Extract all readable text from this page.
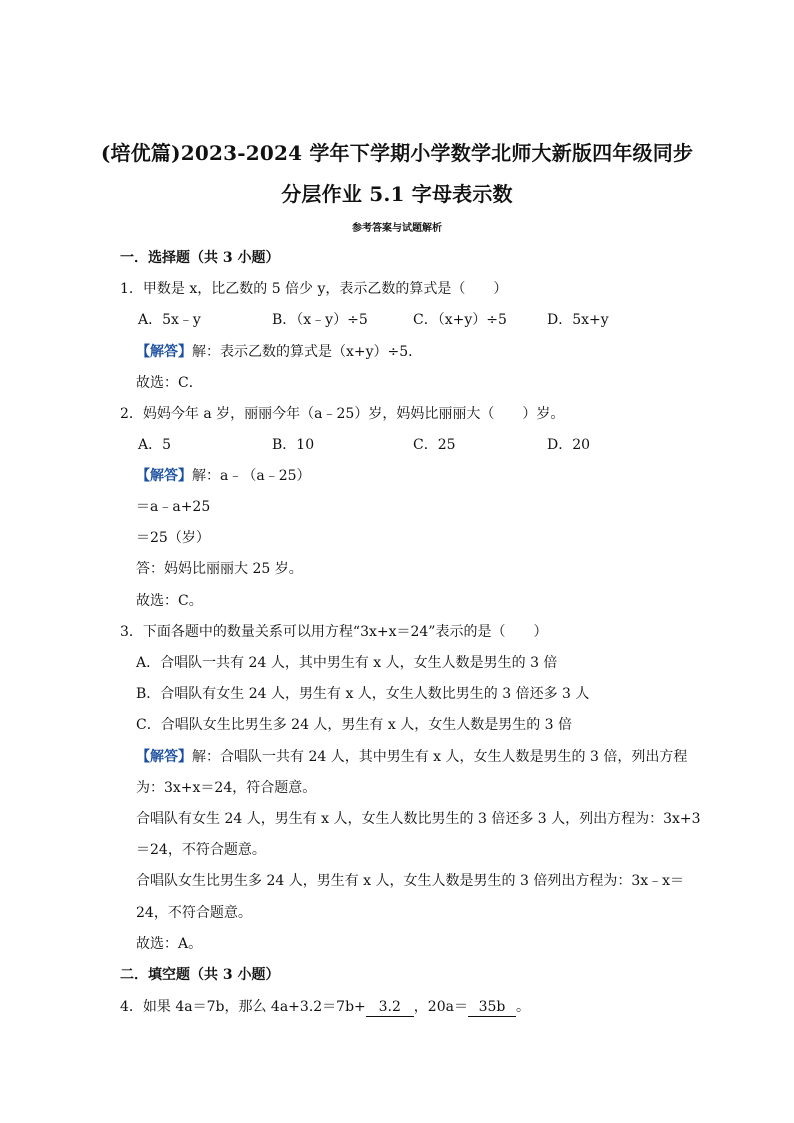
(培优篇)2023-2024 学年下学期小学数学北师大新版四年级同步
分层作业 5.1 字母表示数
参考答案与试题解析
一．选择题（共 3 小题）
1．甲数是 x，比乙数的 5 倍少 y，表示乙数的算式是（　　）
A．5x﹣y	B．（x﹣y）÷5	C．（x+y）÷5	D．5x+y
【解答】解：表示乙数的算式是（x+y）÷5．
故选：C．
2．妈妈今年 a 岁，丽丽今年（a﹣25）岁，妈妈比丽丽大（　　）岁。
A．5	B．10	C．25	D．20
【解答】解：a﹣（a﹣25）
＝a﹣a+25
＝25（岁）
答：妈妈比丽丽大 25 岁。
故选：C。
3．下面各题中的数量关系可以用方程“3x+x＝24”表示的是（　　）
A．合唱队一共有 24 人，其中男生有 x 人，女生人数是男生的 3 倍
B．合唱队有女生 24 人，男生有 x 人，女生人数比男生的 3 倍还多 3 人
C．合唱队女生比男生多 24 人，男生有 x 人，女生人数是男生的 3 倍
【解答】解：合唱队一共有 24 人，其中男生有 x 人，女生人数是男生的 3 倍，列出方程
为：3x+x＝24，符合题意。
合唱队有女生 24 人，男生有 x 人，女生人数比男生的 3 倍还多 3 人，列出方程为：3x+3
＝24，不符合题意。
合唱队女生比男生多 24 人，男生有 x 人，女生人数是男生的 3 倍列出方程为：3x﹣x＝
24，不符合题意。
故选：A。
二．填空题（共 3 小题）
4．如果 4a＝7b，那么 4a+3.2＝7b+ 3.2 ，20a＝ 35b 。
